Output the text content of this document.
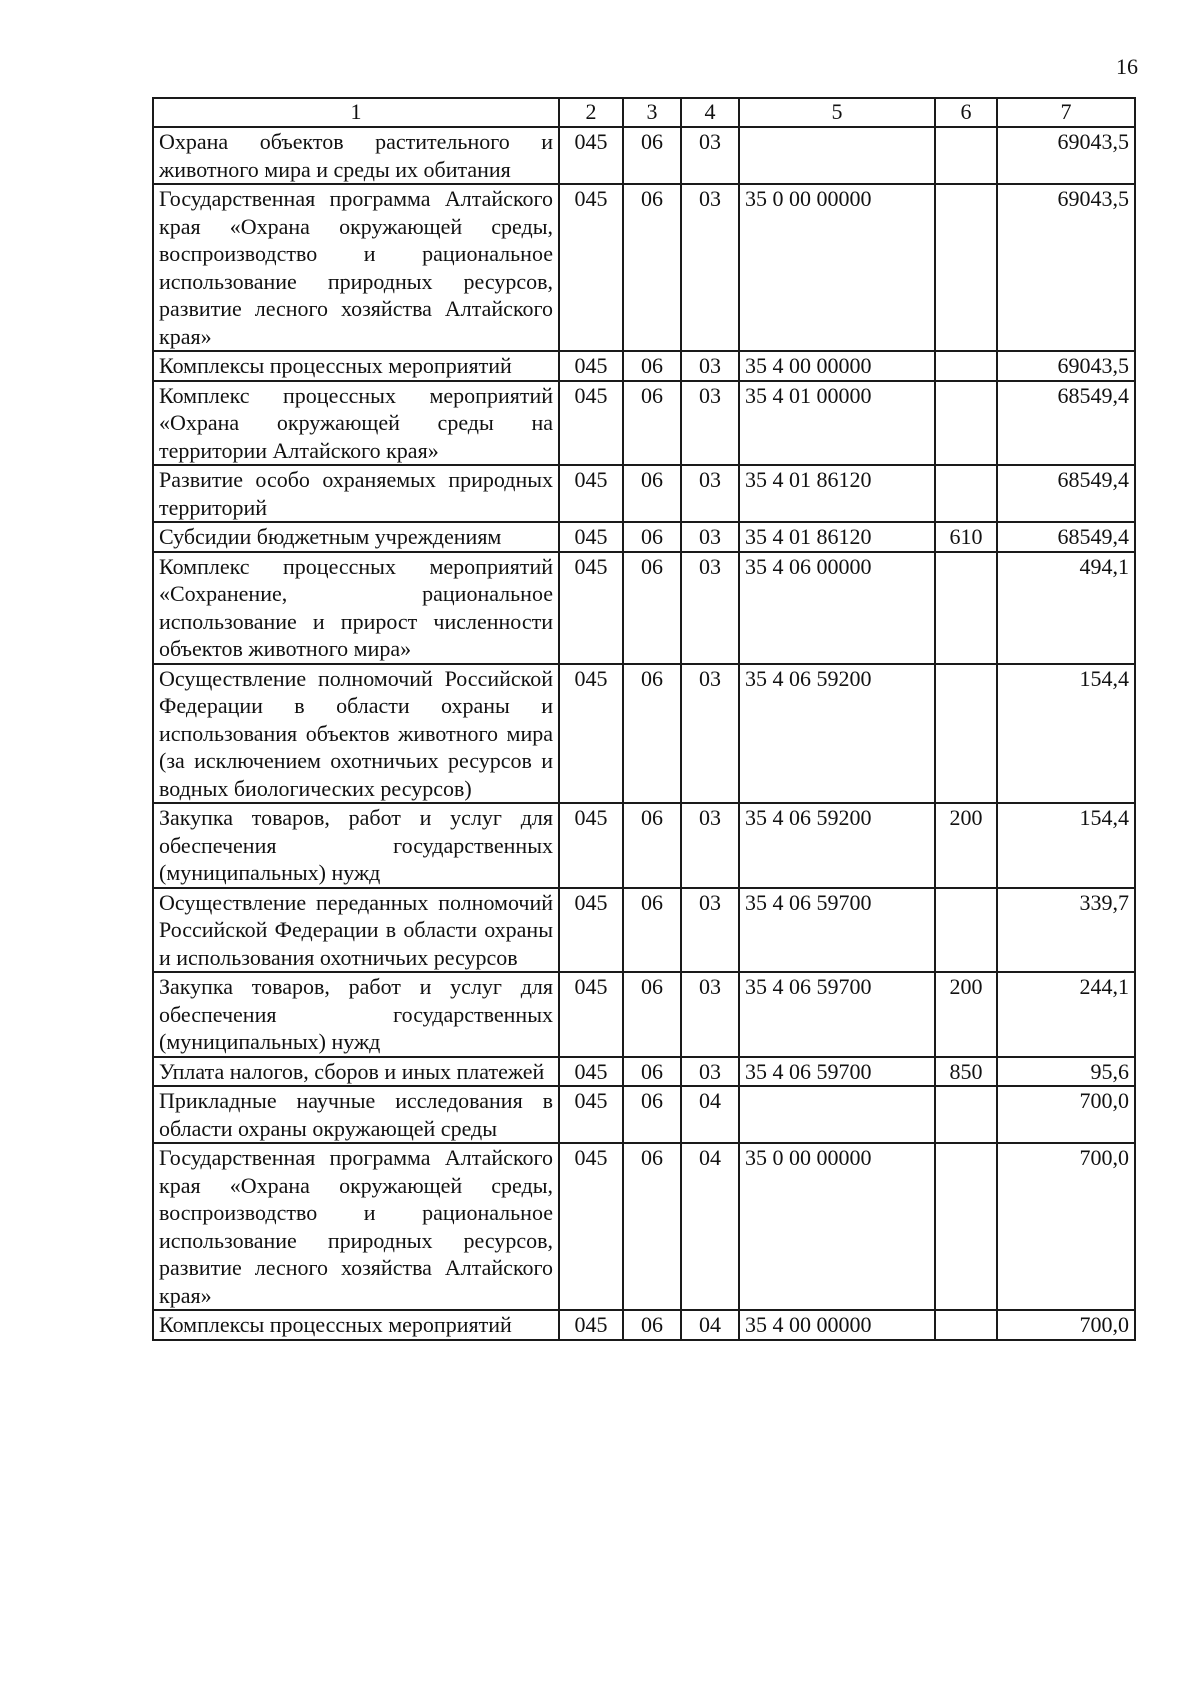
16
1	2	3	4	5	6	7
Охрана объектов растительного и животного мира и среды их обитания	045	06	03			69043,5
Государственная программа Алтайского края «Охрана окружающей среды, воспроизводство и рациональное использование природных ресурсов, развитие лесного хозяйства Алтайского края»	045	06	03	35 0 00 00000		69043,5
Комплексы процессных мероприятий	045	06	03	35 4 00 00000		69043,5
Комплекс процессных мероприятий «Охрана окружающей среды на территории Алтайского края»	045	06	03	35 4 01 00000		68549,4
Развитие особо охраняемых природных территорий	045	06	03	35 4 01 86120		68549,4
Субсидии бюджетным учреждениям	045	06	03	35 4 01 86120	610	68549,4
Комплекс процессных мероприятий «Сохранение, рациональное использование и прирост численности объектов животного мира»	045	06	03	35 4 06 00000		494,1
Осуществление полномочий Российской Федерации в области охраны и использования объектов животного мира (за исключением охотничьих ресурсов и водных биологических ресурсов)	045	06	03	35 4 06 59200		154,4
Закупка товаров, работ и услуг для обеспечения государственных (муниципальных) нужд	045	06	03	35 4 06 59200	200	154,4
Осуществление переданных полномочий Российской Федерации в области охраны и использования охотничьих ресурсов	045	06	03	35 4 06 59700		339,7
Закупка товаров, работ и услуг для обеспечения государственных (муниципальных) нужд	045	06	03	35 4 06 59700	200	244,1
Уплата налогов, сборов и иных платежей	045	06	03	35 4 06 59700	850	95,6
Прикладные научные исследования в области охраны окружающей среды	045	06	04			700,0
Государственная программа Алтайского края «Охрана окружающей среды, воспроизводство и рациональное использование природных ресурсов, развитие лесного хозяйства Алтайского края»	045	06	04	35 0 00 00000		700,0
Комплексы процессных мероприятий	045	06	04	35 4 00 00000		700,0
